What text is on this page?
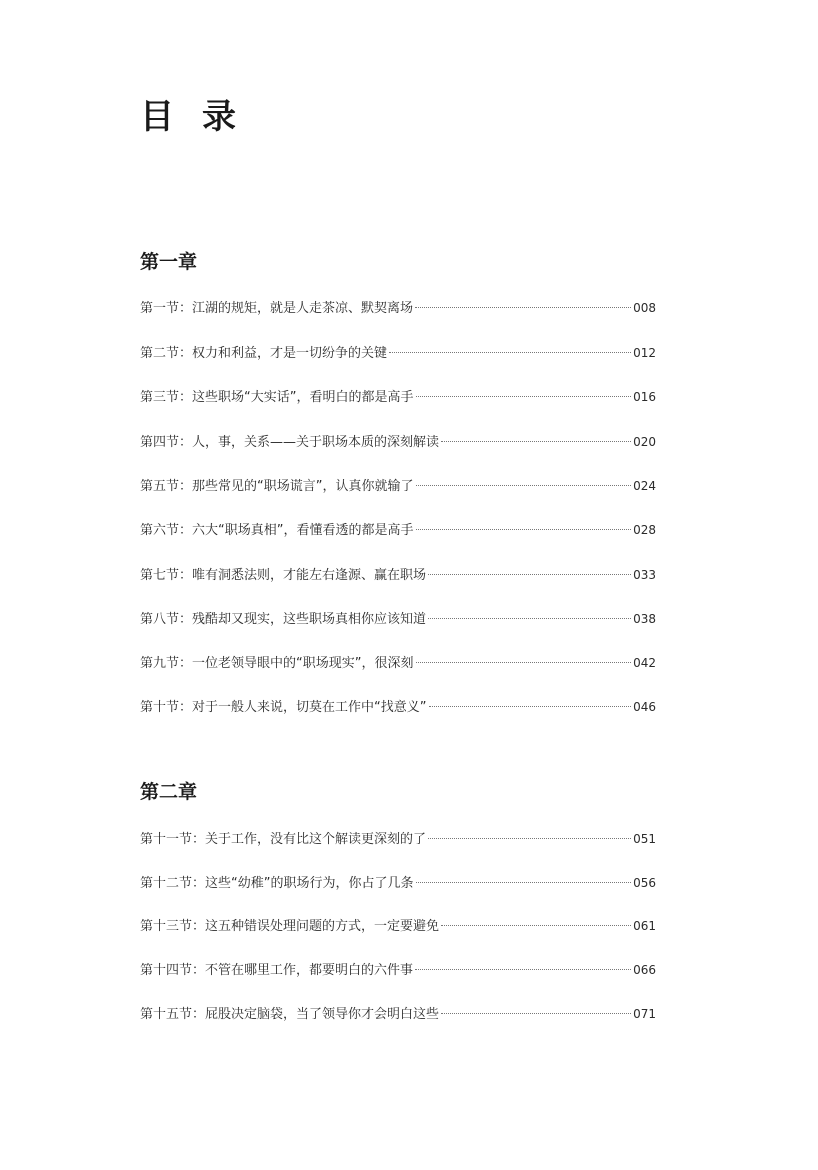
目录
第一章
第一节： 江湖的规矩，就是人走茶凉、默契离场	008
第二节： 权力和利益，才是一切纷争的关键	012
第三节： 这些职场“大实话”，看明白的都是高手	016
第四节： 人，事，关系——关于职场本质的深刻解读	020
第五节： 那些常见的“职场谎言”，认真你就输了	024
第六节： 六大“职场真相”，看懂看透的都是高手	028
第七节： 唯有洞悉法则，才能左右逢源、赢在职场	033
第八节： 残酷却又现实，这些职场真相你应该知道	038
第九节： 一位老领导眼中的“职场现实”，很深刻	042
第十节： 对于一般人来说，切莫在工作中“找意义”	046
第二章
第十一节： 关于工作，没有比这个解读更深刻的了	051
第十二节： 这些“幼稚”的职场行为，你占了几条	056
第十三节： 这五种错误处理问题的方式，一定要避免	061
第十四节： 不管在哪里工作，都要明白的六件事	066
第十五节： 屁股决定脑袋，当了领导你才会明白这些	071
